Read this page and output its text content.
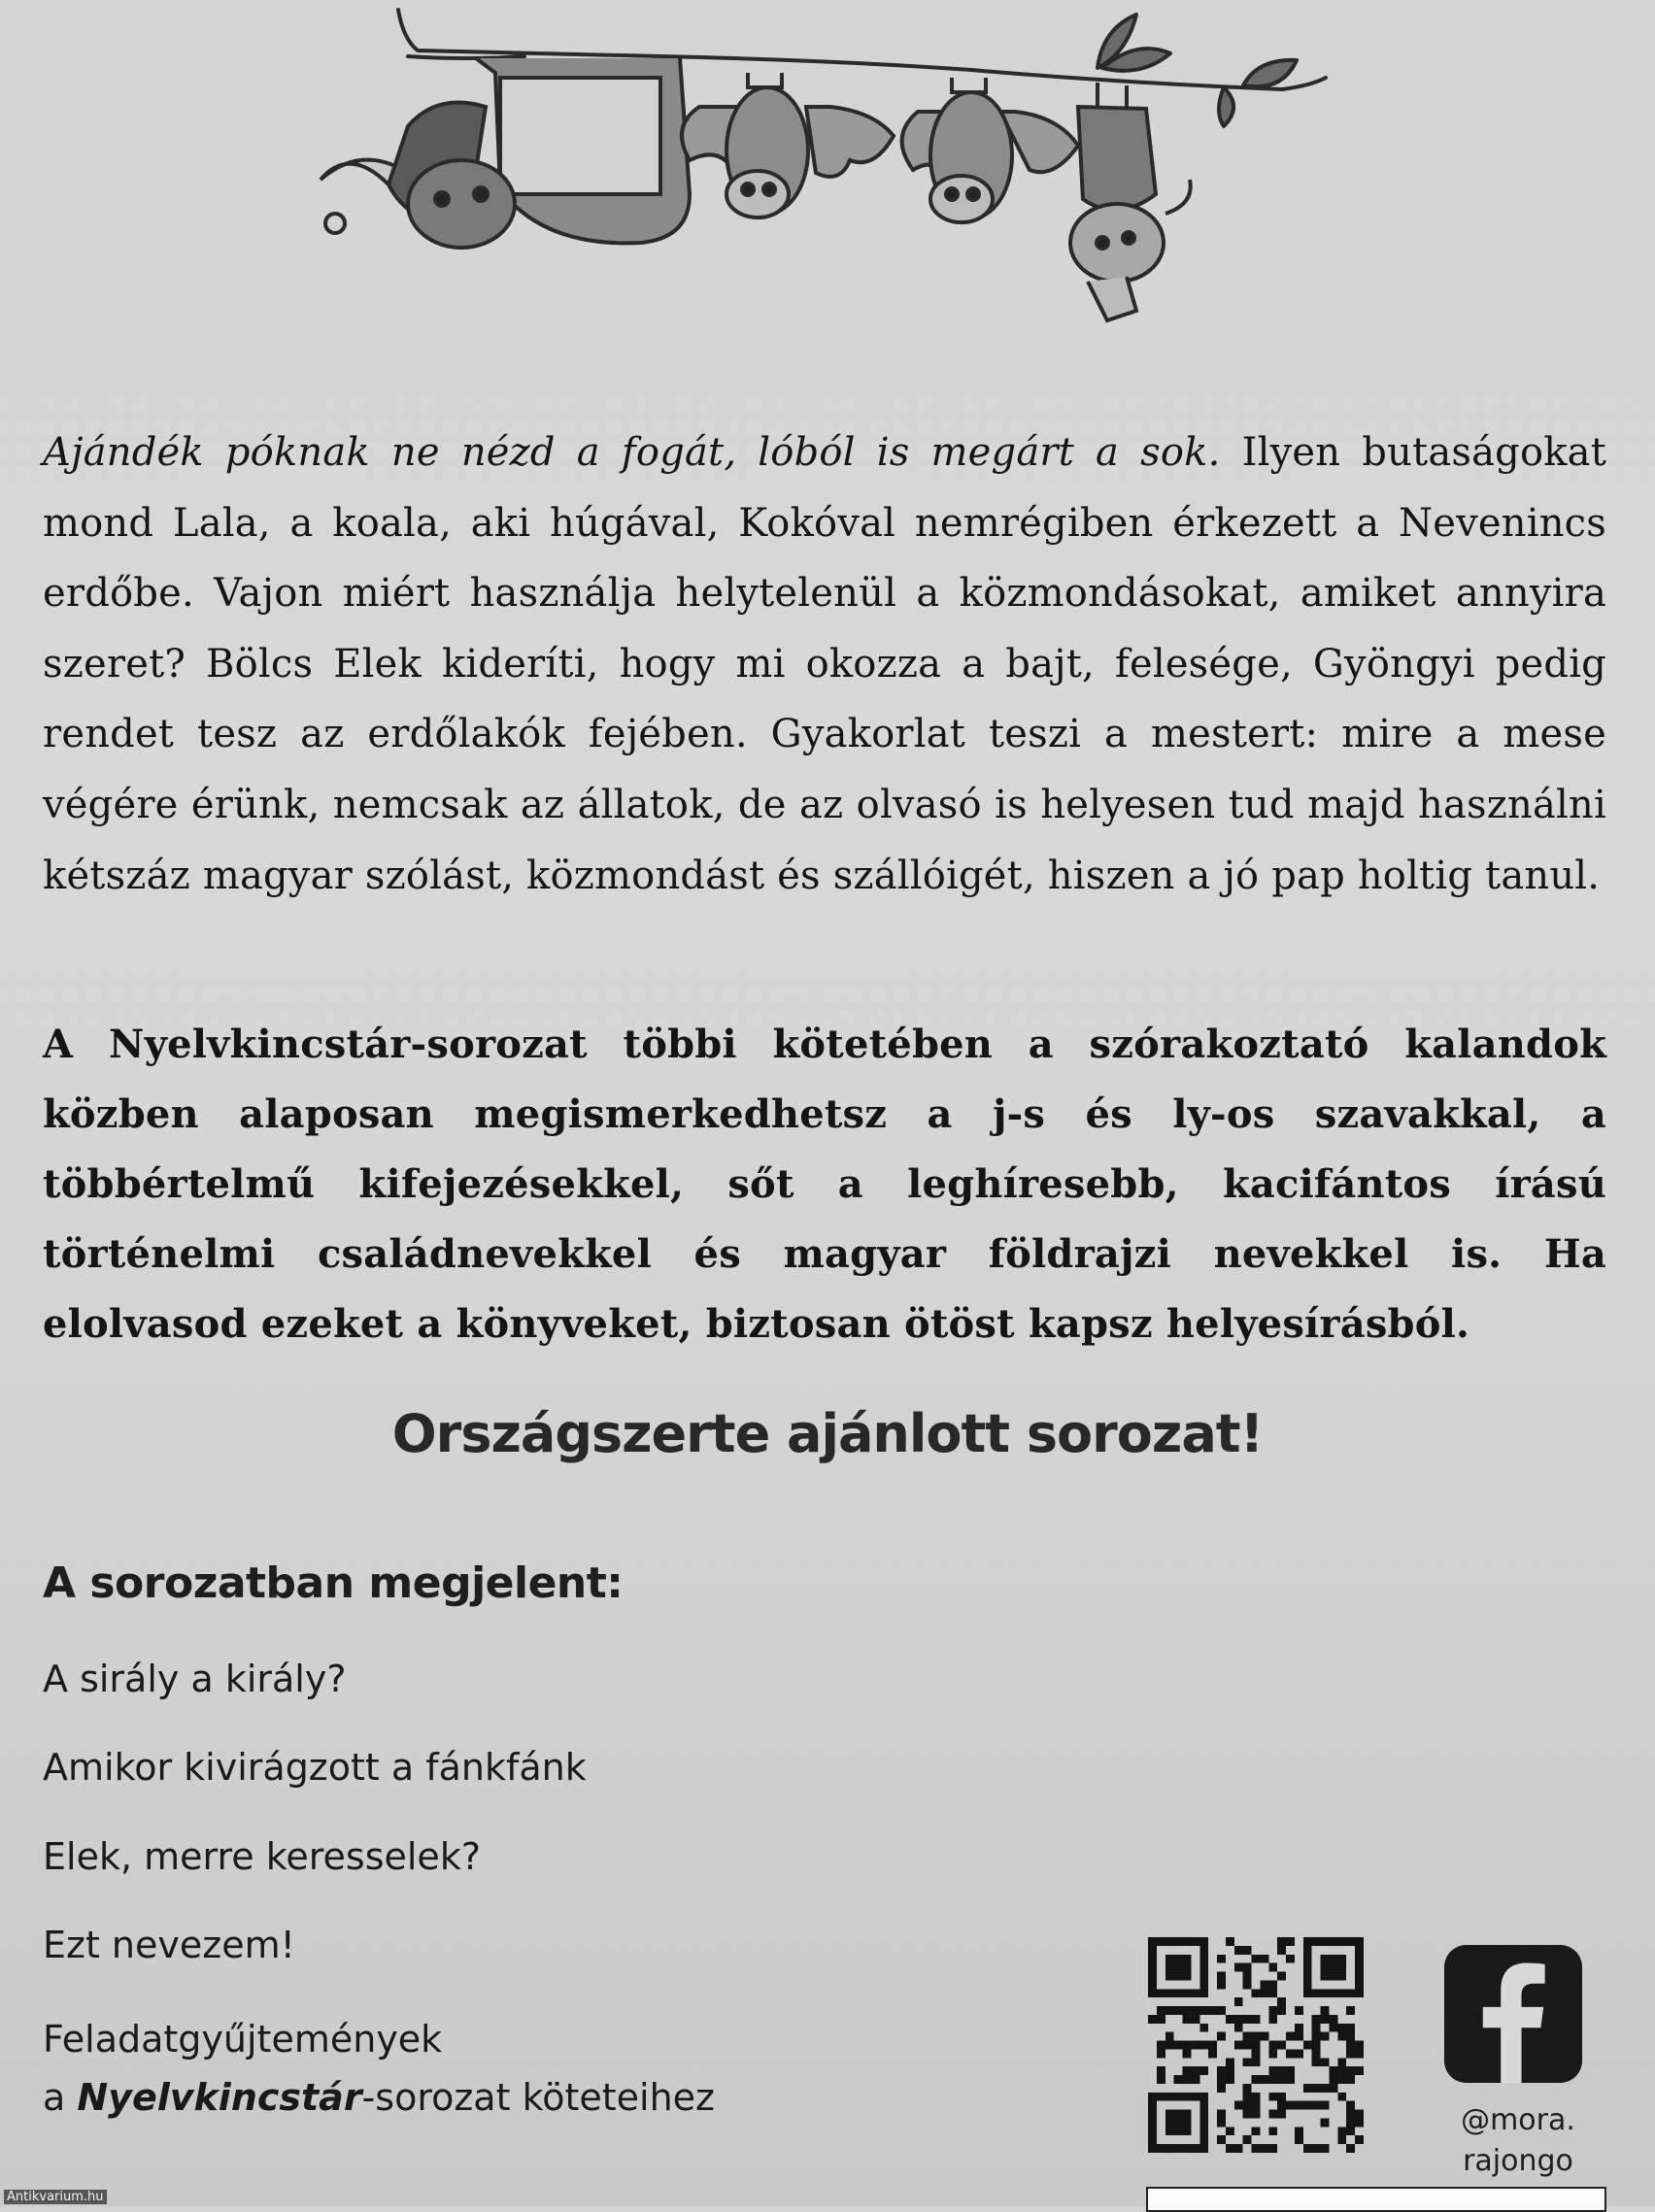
Ajándék póknak ne nézd a fogát, lóból is megárt a sok. Ilyen butaságokat mond Lala, a koala, aki húgával, Kokóval nemrégiben érkezett a Nevenincs erdőbe. Vajon miért használja helytelenül a közmondásokat, amiket annyira szeret? Bölcs Elek kideríti, hogy mi okozza a bajt, felesége, Gyöngyi pedig rendet tesz az erdőlakók fejében. Gyakorlat teszi a mestert: mire a mese végére érünk, nemcsak az állatok, de az olvasó is helyesen tud majd használni kétszáz magyar szólást, közmondást és szállóigét, hiszen a jó pap holtig tanul.

A Nyelvkincstár-sorozat többi kötetében a szórakoztató kalandok közben alaposan megismerkedhetsz a j-s és ly-os szavakkal, a többértelmű kifejezésekkel, sőt a leghíresebb, kacifántos írású történelmi családnevekkel és magyar földrajzi nevekkel is. Ha elolvasod ezeket a könyveket, biztosan ötöst kapsz helyesírásból.

Országszerte ajánlott sorozat!
A sorozatban megjelent:
A sirály a király?
Amikor kivirágzott a fánkfánk
Elek, merre keresselek?
Ezt nevezem!
Feladatgyűjtemények
a Nyelvkincstár-sorozat köteteihez
@mora.
rajongo
Antikvarium.hu
